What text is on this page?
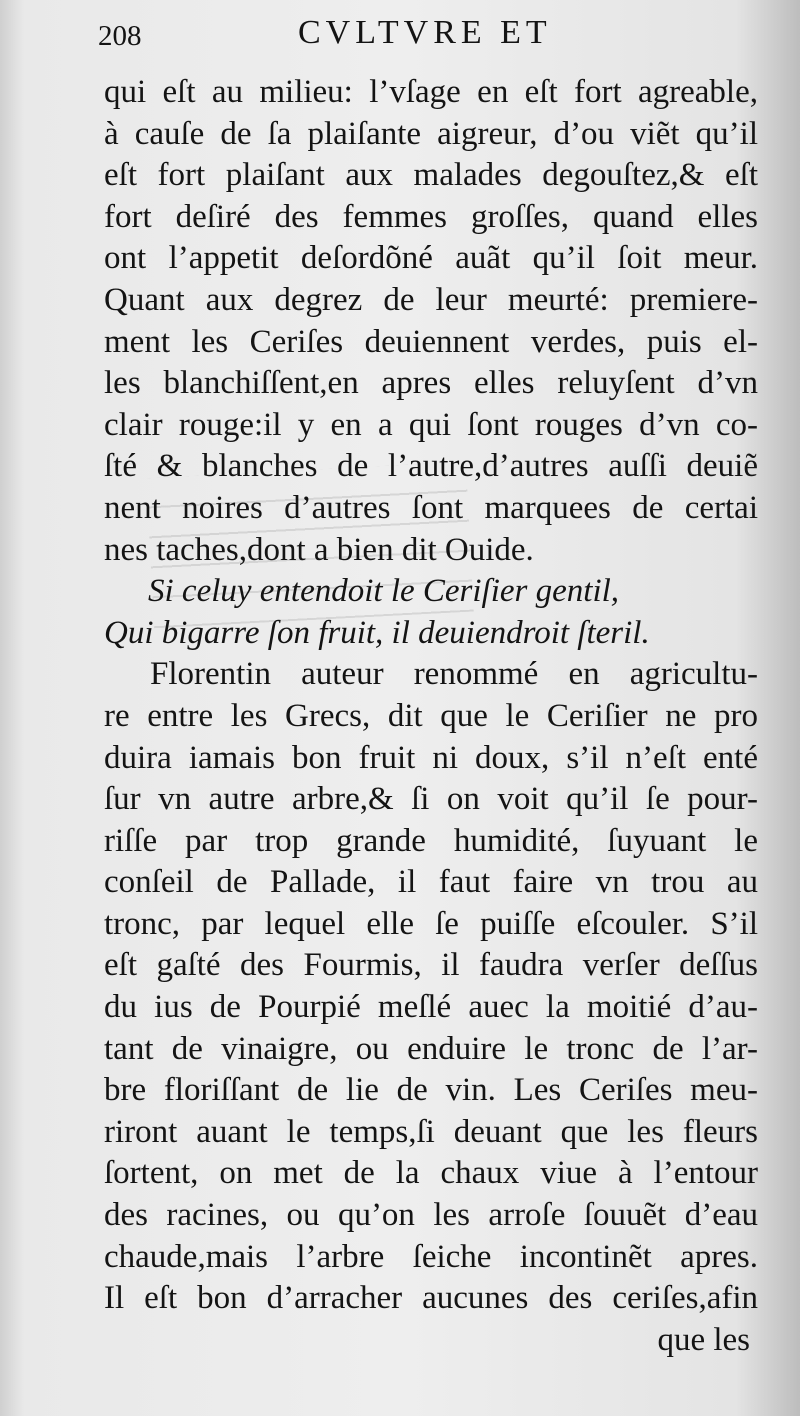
208	CVLTVRE ET
qui eſt au milieu: l’vſage en eſt fort agreable,
à cauſe de ſa plaiſante aigreur, d’ou viẽt qu’il
eſt fort plaiſant aux malades degouſtez,& eſt
fort deſiré des femmes groſſes, quand elles
ont l’appetit deſordõné auãt qu’il ſoit meur.
Quant aux degrez de leur meurté: premiere-
ment les Ceriſes deuiennent verdes, puis el-
les blanchiſſent,en apres elles reluyſent d’vn
clair rouge:il y en a qui ſont rouges d’vn co-
ſté & blanches de l’autre,d’autres auſſi deuiẽ
nent noires d’autres ſont marquees de certai
nes taches,dont a bien dit Ouide.
Si celuy entendoit le Ceriſier gentil,
Qui bigarre ſon fruit, il deuiendroit ſteril.
Florentin auteur renommé en agricultu-
re entre les Grecs, dit que le Ceriſier ne pro
duira iamais bon fruit ni doux, s’il n’eſt enté
ſur vn autre arbre,& ſi on voit qu’il ſe pour-
riſſe par trop grande humidité, ſuyuant le
conſeil de Pallade, il faut faire vn trou au
tronc, par lequel elle ſe puiſſe eſcouler. S’il
eſt gaſté des Fourmis, il faudra verſer deſſus
du ius de Pourpié meſlé auec la moitié d’au-
tant de vinaigre, ou enduire le tronc de l’ar-
bre floriſſant de lie de vin. Les Ceriſes meu-
riront auant le temps,ſi deuant que les fleurs
ſortent, on met de la chaux viue à l’entour
des racines, ou qu’on les arroſe ſouuẽt d’eau
chaude,mais l’arbre ſeiche incontinẽt apres.
Il eſt bon d’arracher aucunes des ceriſes,afin
que les
